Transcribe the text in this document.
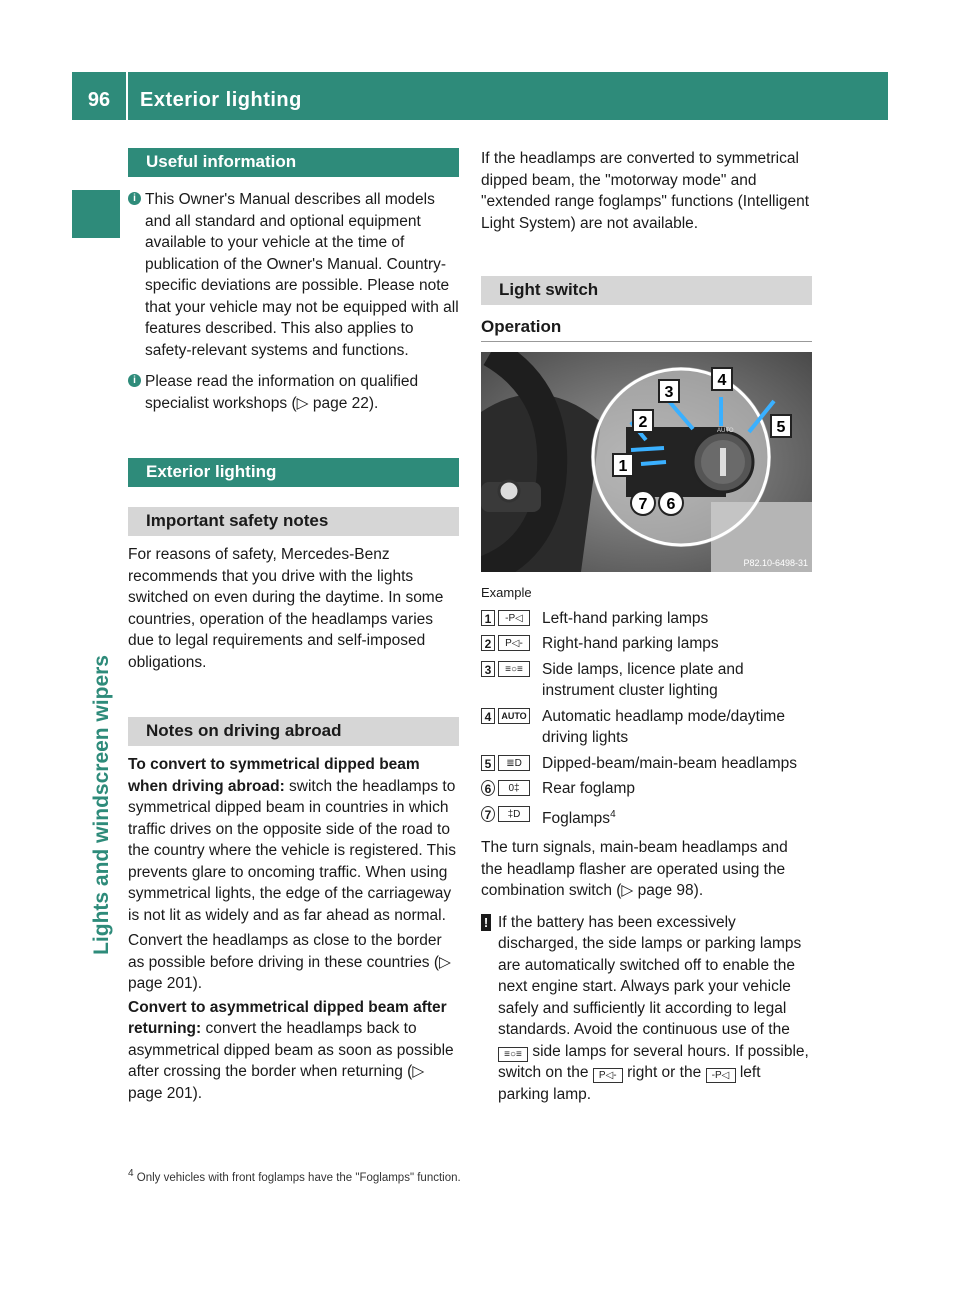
96	Exterior lighting
Lights and windscreen wipers
Useful information
i This Owner's Manual describes all models and all standard and optional equipment available to your vehicle at the time of publication of the Owner's Manual. Country-specific deviations are possible. Please note that your vehicle may not be equipped with all features described. This also applies to safety-relevant systems and functions.
i Please read the information on qualified specialist workshops (▷ page 22).
Exterior lighting
Important safety notes

For reasons of safety, Mercedes-Benz recommends that you drive with the lights switched on even during the daytime. In some countries, operation of the headlamps varies due to legal requirements and self-imposed obligations.

Notes on driving abroad

To convert to symmetrical dipped beam when driving abroad: switch the headlamps to symmetrical dipped beam in countries in which traffic drives on the opposite side of the road to the country where the vehicle is registered. This prevents glare to oncoming traffic. When using symmetrical lights, the edge of the carriageway is not lit as widely and as far ahead as normal.

Convert the headlamps as close to the border as possible before driving in these countries (▷ page 201).

Convert to asymmetrical dipped beam after returning: convert the headlamps back to asymmetrical dipped beam as soon as possible after crossing the border when returning (▷ page 201).

If the headlamps are converted to symmetrical dipped beam, the "motorway mode" and "extended range foglamps" functions (Intelligent Light System) are not available.

Light switch
Operation
AUTO
1
2
3
4
5
6
7
P82.10-6498-31

Example

1	-P◁	Left-hand parking lamps
2	P◁-	Right-hand parking lamps
3	≡○≡	Side lamps, licence plate and instrument cluster lighting
4	AUTO Automatic headlamp mode/daytime driving lights
5	≣D	Dipped-beam/main-beam headlamps
6	0‡	Rear foglamp
7	‡D	Foglamps$^4$

The turn signals, main-beam headlamps and the headlamp flasher are operated using the combination switch (▷ page 98).

! If the battery has been excessively discharged, the side lamps or parking lamps are automatically switched off to enable the next engine start. Always park your vehicle safely and sufficiently lit according to legal standards. Avoid the continuous use of the ≡○≡ side lamps for several hours. If possible, switch on the P◁- right or the -P◁ left parking lamp.
$^4$ Only vehicles with front foglamps have the "Foglamps" function.
